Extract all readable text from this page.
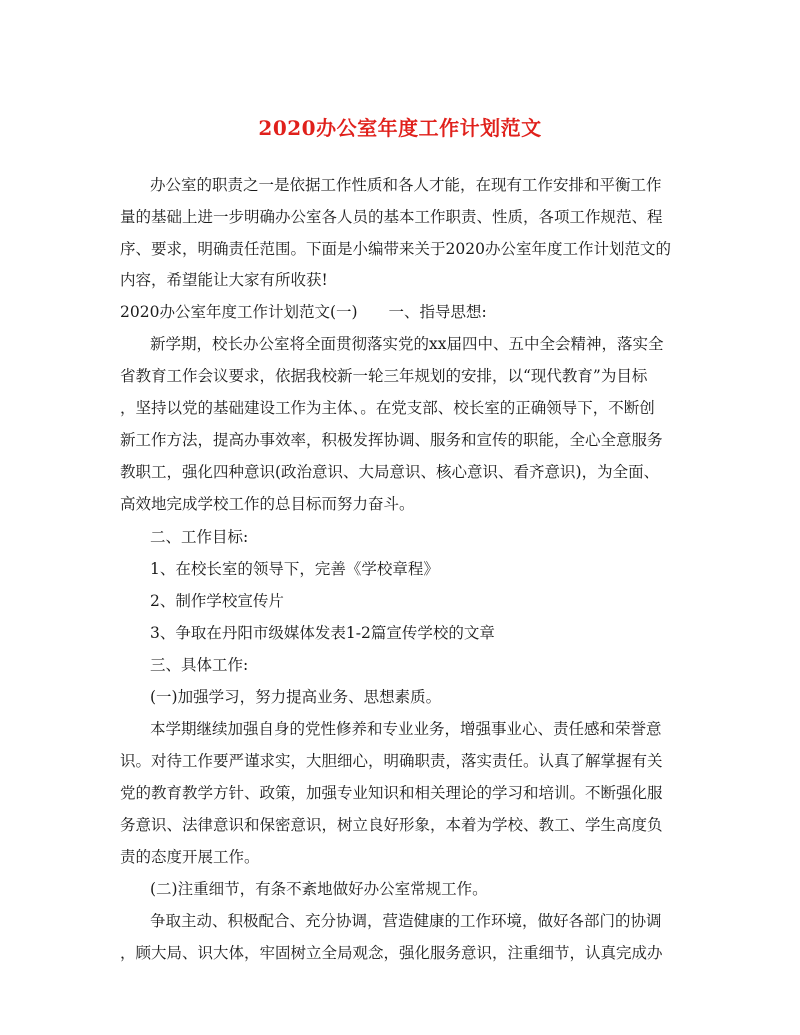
2020办公室年度工作计划范文
办公室的职责之一是依据工作性质和各人才能，在现有工作安排和平衡工作
量的基础上进一步明确办公室各人员的基本工作职责、性质，各项工作规范、程
序、要求，明确责任范围。下面是小编带来关于2020办公室年度工作计划范文的
内容，希望能让大家有所收获!
2020办公室年度工作计划范文(一)　　一、指导思想:
新学期，校长办公室将全面贯彻落实党的xx届四中、五中全会精神，落实全
省教育工作会议要求，依据我校新一轮三年规划的安排，以“现代教育”为目标
，坚持以党的基础建设工作为主体、。在党支部、校长室的正确领导下，不断创
新工作方法，提高办事效率，积极发挥协调、服务和宣传的职能，全心全意服务
教职工，强化四种意识(政治意识、大局意识、核心意识、看齐意识)，为全面、
高效地完成学校工作的总目标而努力奋斗。
二、工作目标:
1、在校长室的领导下，完善《学校章程》
2、制作学校宣传片
3、争取在丹阳市级媒体发表1-2篇宣传学校的文章
三、具体工作:
(一)加强学习，努力提高业务、思想素质。
本学期继续加强自身的党性修养和专业业务，增强事业心、责任感和荣誉意
识。对待工作要严谨求实，大胆细心，明确职责，落实责任。认真了解掌握有关
党的教育教学方针、政策，加强专业知识和相关理论的学习和培训。不断强化服
务意识、法律意识和保密意识，树立良好形象，本着为学校、教工、学生高度负
责的态度开展工作。
(二)注重细节，有条不紊地做好办公室常规工作。
争取主动、积极配合、充分协调，营造健康的工作环境，做好各部门的协调
，顾大局、识大体，牢固树立全局观念，强化服务意识，注重细节，认真完成办
